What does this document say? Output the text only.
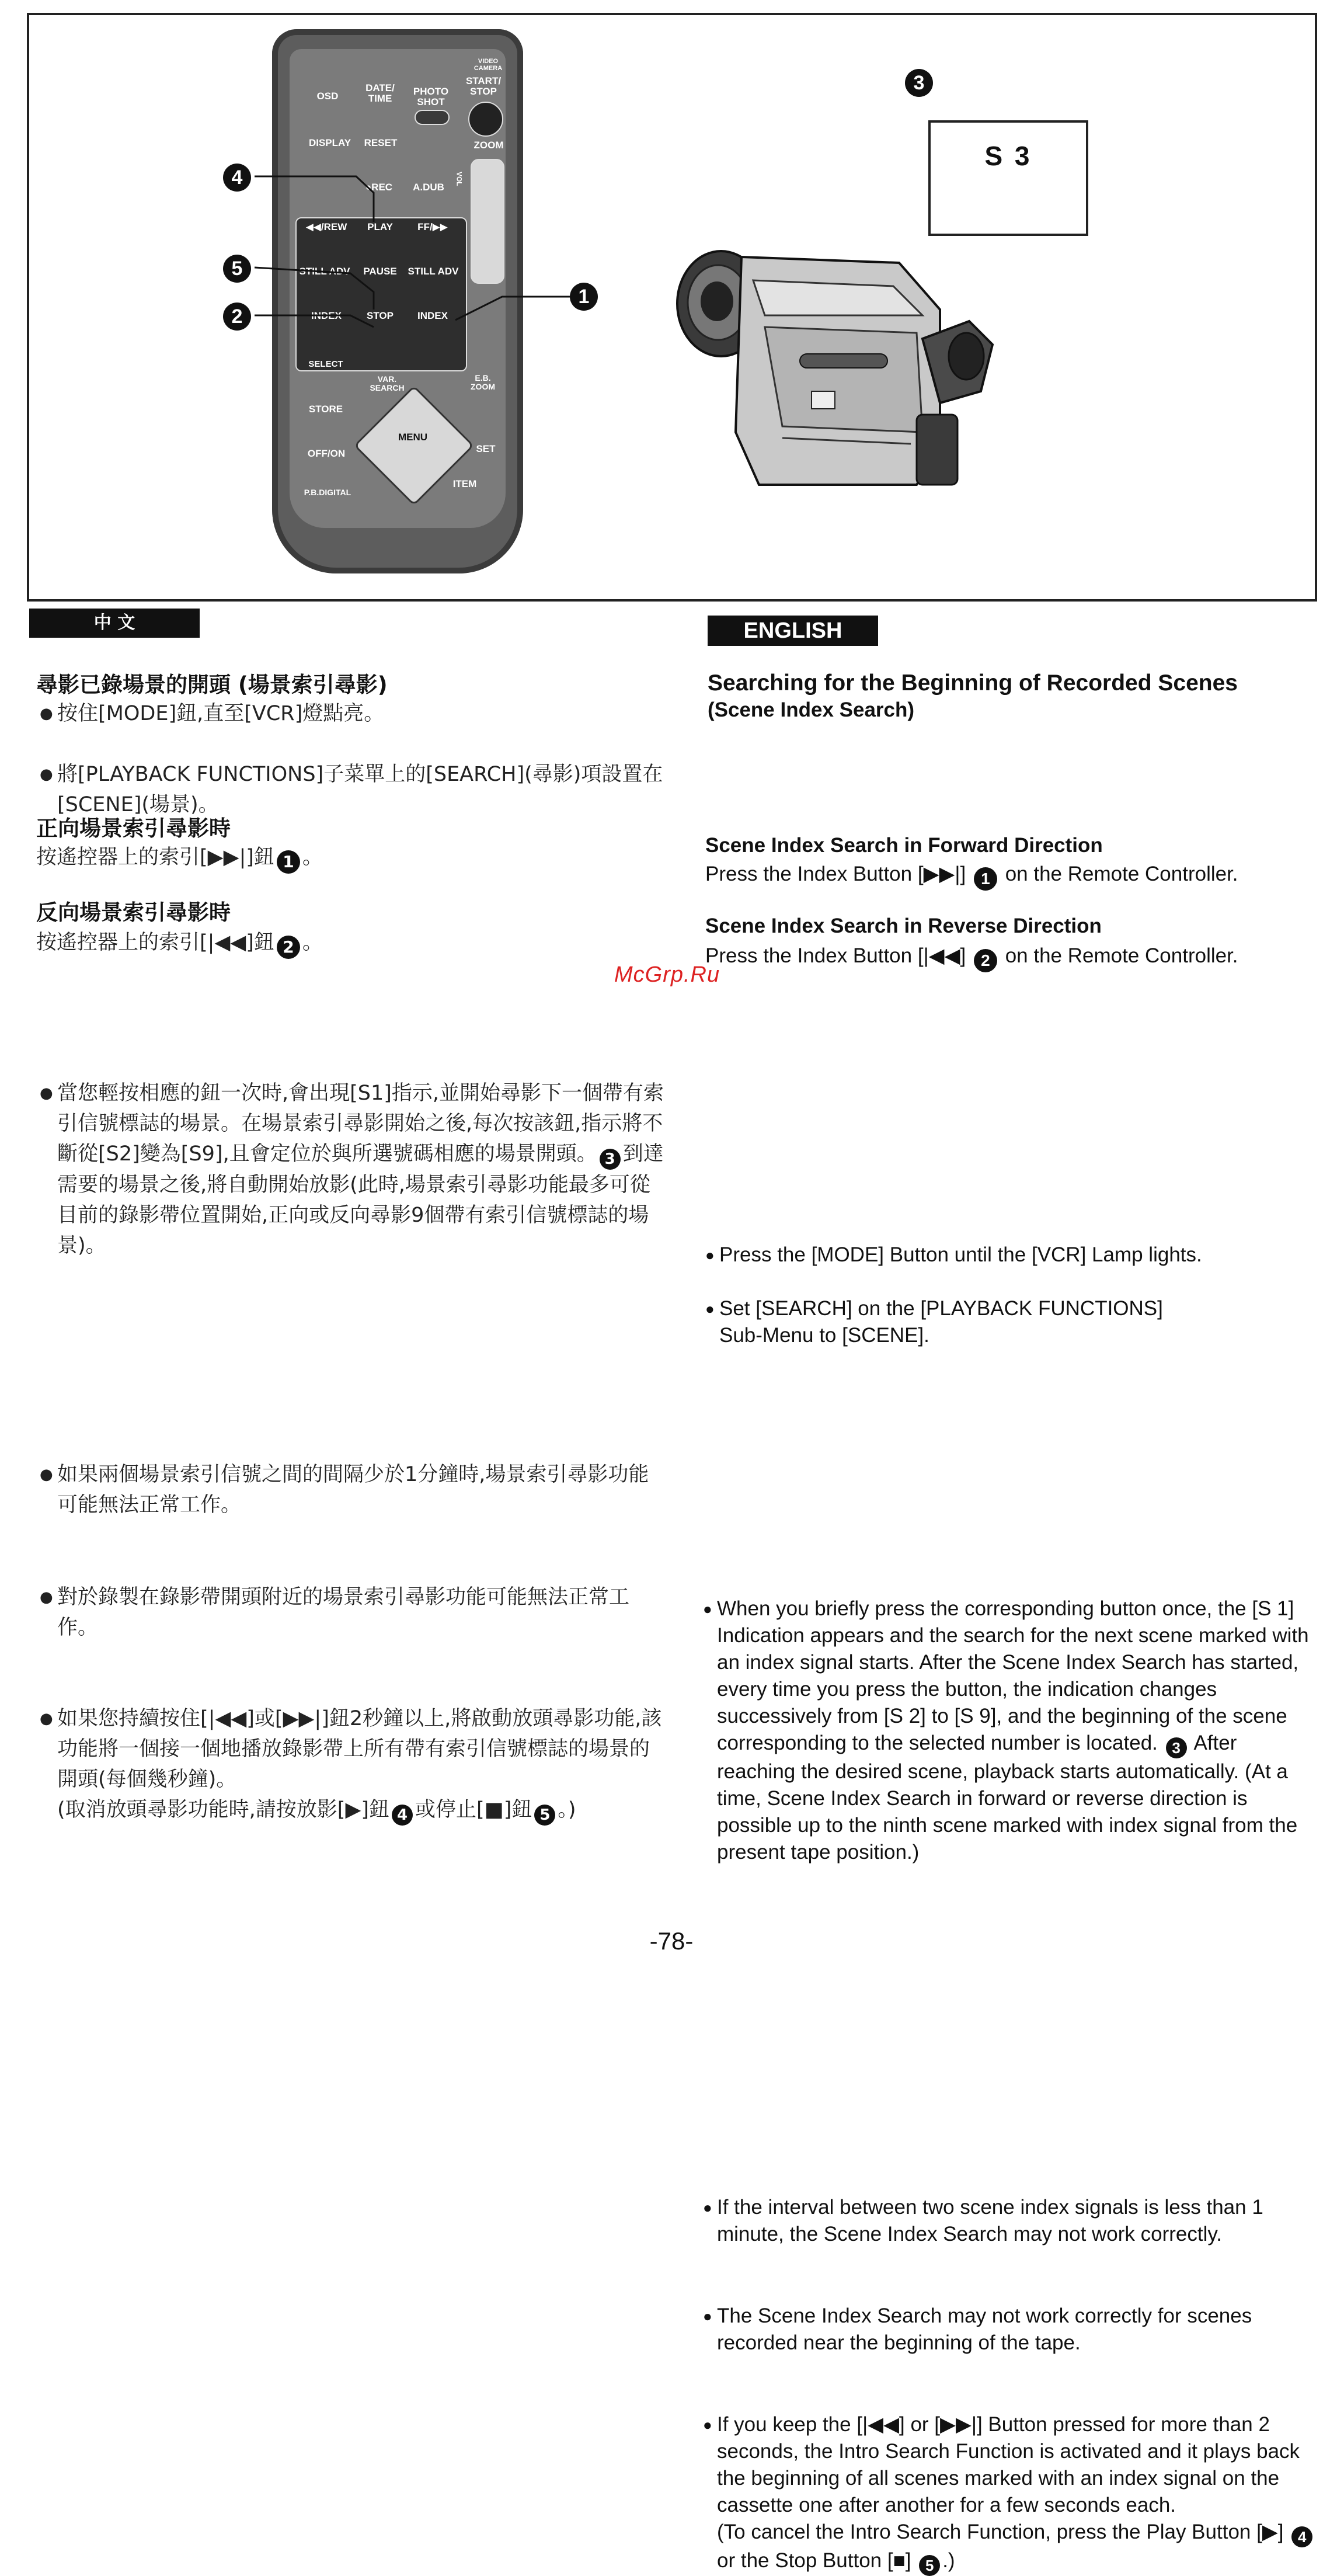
VIDEO CAMERA
OSD
DATE/ TIME
PHOTO SHOT
START/ STOP
DISPLAY	RESET	ZOOM
VOL
●REC	A.DUB
◀◀/REW	PLAY	FF/▶▶
STILL ADV	PAUSE	STILL ADV
INDEX	STOP	INDEX
SELECT
STORE
OFF/ON
VAR. SEARCH
E.B. ZOOM
MENU
SET
ITEM
P.B.DIGITAL
4
5
2
1
3
S 3
中 文
尋影已錄場景的開頭 (場景索引尋影)
● 按住[MODE]鈕,直至[VCR]燈點亮。
● 將[PLAYBACK FUNCTIONS]子菜單上的[SEARCH](尋影)項設置在[SCENE](場景)。
正向場景索引尋影時
按遙控器上的索引[▶▶|]鈕 1 。
反向場景索引尋影時
按遙控器上的索引[|◀◀]鈕 2 。
● 當您輕按相應的鈕一次時,會出現[S1]指示,並開始尋影下一個帶有索引信號標誌的場景。在場景索引尋影開始之後,每次按該鈕,指示將不斷從[S2]變為[S9],且會定位於與所選號碼相應的場景開頭。 3 到達需要的場景之後,將自動開始放影(此時,場景索引尋影功能最多可從目前的錄影帶位置開始,正向或反向尋影9個帶有索引信號標誌的場景)。
● 如果兩個場景索引信號之間的間隔少於1分鐘時,場景索引尋影功能可能無法正常工作。
● 對於錄製在錄影帶開頭附近的場景索引尋影功能可能無法正常工作。
● 如果您持續按住[|◀◀]或[▶▶|]鈕2秒鐘以上,將啟動放頭尋影功能,該功能將一個接一個地播放錄影帶上所有帶有索引信號標誌的場景的開頭(每個幾秒鐘)。
(取消放頭尋影功能時,請按放影[▶]鈕 4 或停止[■]鈕 5 。)
ENGLISH
Searching for the Beginning of Recorded Scenes
(Scene Index Search)
● Press the [MODE] Button until the [VCR] Lamp lights.
● Set [SEARCH] on the [PLAYBACK FUNCTIONS]
Sub-Menu to [SCENE].
Scene Index Search in Forward Direction
Press the Index Button [▶▶|] 1 on the Remote Controller.
Scene Index Search in Reverse Direction
Press the Index Button [|◀◀] 2 on the Remote Controller.
McGrp.Ru
● When you briefly press the corresponding button once, the [S 1] Indication appears and the search for the next scene marked with an index signal starts. After the Scene Index Search has started, every time you press the button, the indication changes successively from [S 2] to [S 9], and the beginning of the scene corresponding to the selected number is located. 3 After reaching the desired scene, playback starts automatically. (At a time, Scene Index Search in forward or reverse direction is possible up to the ninth scene marked with index signal from the present tape position.)
● If the interval between two scene index signals is less than 1 minute, the Scene Index Search may not work correctly.
● The Scene Index Search may not work correctly for scenes recorded near the beginning of the tape.
● If you keep the [|◀◀] or [▶▶|] Button pressed for more than 2 seconds, the Intro Search Function is activated and it plays back the beginning of all scenes marked with an index signal on the cassette one after another for a few seconds each.
(To cancel the Intro Search Function, press the Play Button [▶] 4 or the Stop Button [■] 5 .)
-78-
